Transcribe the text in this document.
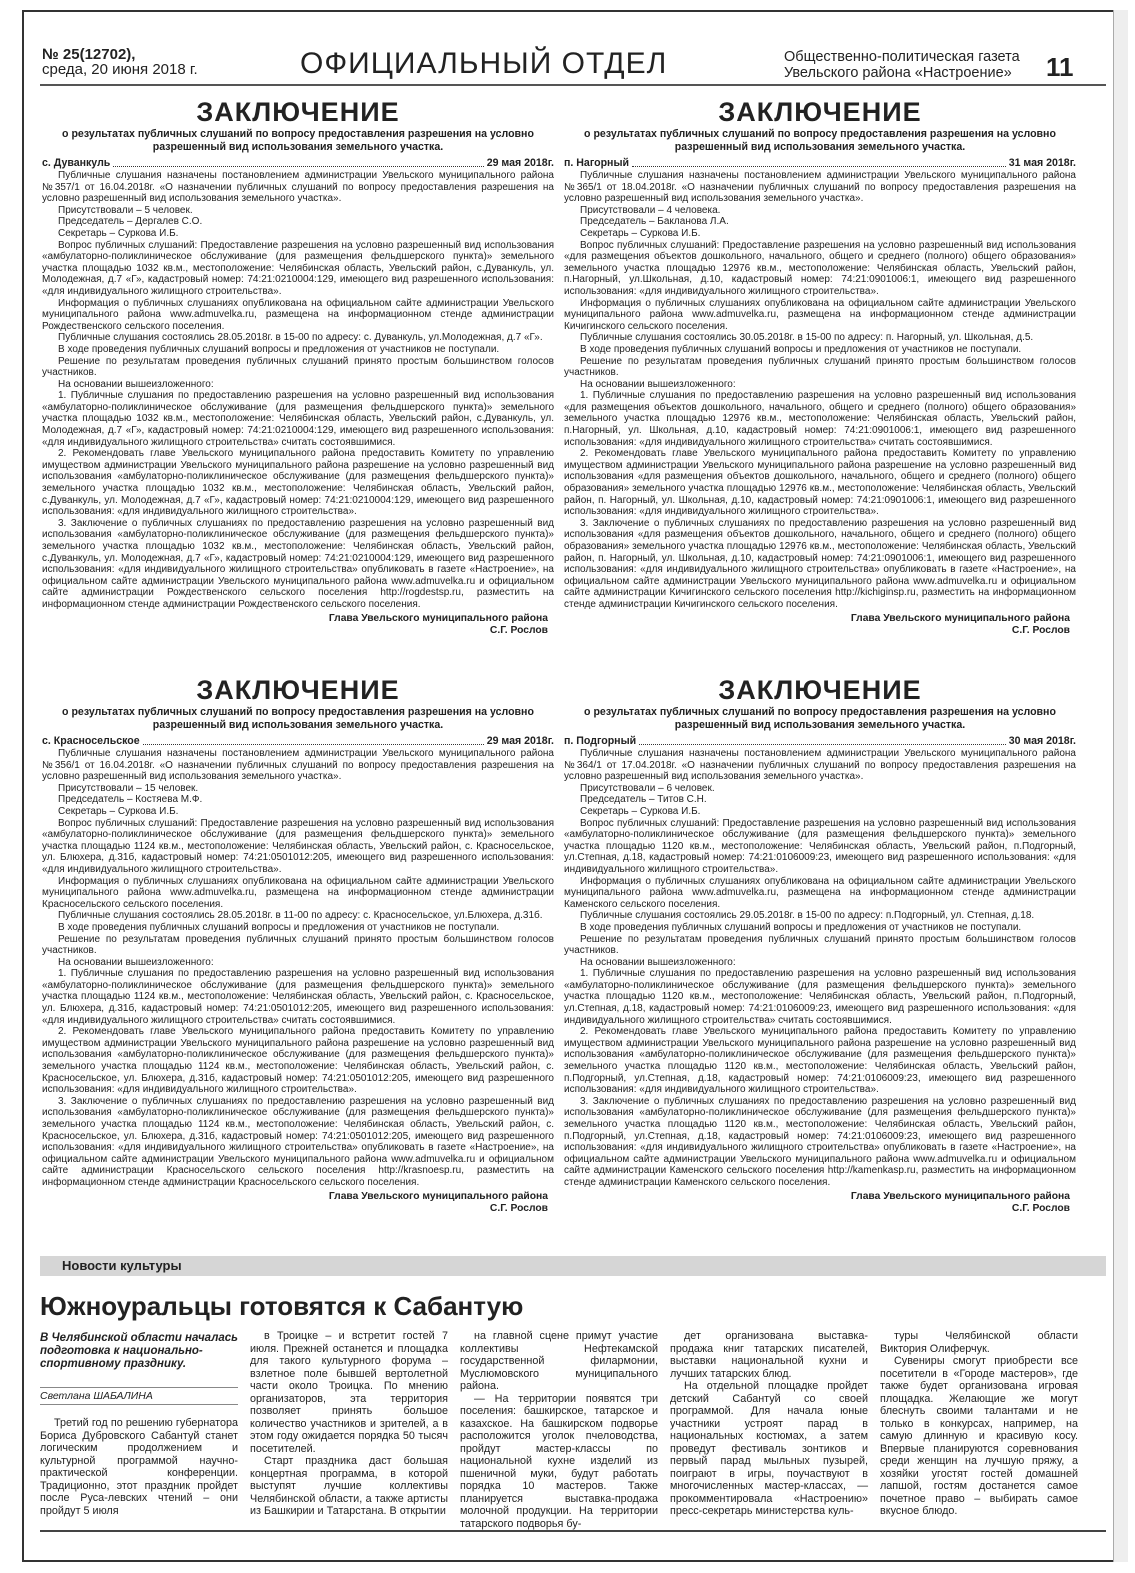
№ 25(12702),
среда, 20 июня 2018 г.	ОФИЦИАЛЬНЫЙ ОТДЕЛ	Общественно-политическая газета
Увельского района «Настроение»	11
ЗАКЛЮЧЕНИЕ
о результатах публичных слушаний по вопросу предоставления разрешения на условно разрешенный вид использования земельного участка.
с. Дуванкуль	29 мая 2018г.

Публичные слушания назначены постановлением администрации Увельского муниципального района №357/1 от 16.04.2018г. «О назначении публичных слушаний по вопросу предоставления разрешения на условно разрешенный вид использования земельного участка».

Присутствовали – 5 человек.

Председатель – Дергалев С.О.

Секретарь – Суркова И.Б.

Вопрос публичных слушаний: Предоставление разрешения на условно разрешенный вид использования «амбулаторно-поликлиническое обслуживание (для размещения фельдшерского пункта)» земельного участка площадью 1032 кв.м., местоположение: Челябинская область, Увельский район, с.Дуванкуль, ул. Молодежная, д.7 «Г», кадастровый номер: 74:21:0210004:129, имеющего вид разрешенного использования: «для индивидуального жилищного строительства».

Информация о публичных слушаниях опубликована на официальном сайте администрации Увельского муниципального района www.admuvelka.ru, размещена на информационном стенде администрации Рождественского сельского поселения.

Публичные слушания состоялись 28.05.2018г. в 15-00 по адресу: с. Дуванкуль, ул.Молодежная, д.7 «Г».

В ходе проведения публичных слушаний вопросы и предложения от участников не поступали.

Решение по результатам проведения публичных слушаний принято простым большинством голосов участников.

На основании вышеизложенного:

1. Публичные слушания по предоставлению разрешения на условно разрешенный вид использования «амбулаторно-поликлиническое обслуживание (для размещения фельдшерского пункта)» земельного участка площадью 1032 кв.м., местоположение: Челябинская область, Увельский район, с.Дуванкуль, ул. Молодежная, д.7 «Г», кадастровый номер: 74:21:0210004:129, имеющего вид разрешенного использования: «для индивидуального жилищного строительства» считать состоявшимися.

2. Рекомендовать главе Увельского муниципального района предоставить Комитету по управлению имуществом администрации Увельского муниципального района разрешение на условно разрешенный вид использования «амбулаторно-поликлиническое обслуживание (для размещения фельдшерского пункта)» земельного участка площадью 1032 кв.м., местоположение: Челябинская область, Увельский район, с.Дуванкуль, ул. Молодежная, д.7 «Г», кадастровый номер: 74:21:0210004:129, имеющего вид разрешенного использования: «для индивидуального жилищного строительства».

3. Заключение о публичных слушаниях по предоставлению разрешения на условно разрешенный вид использования «амбулаторно-поликлиническое обслуживание (для размещения фельдшерского пункта)» земельного участка площадью 1032 кв.м., местоположение: Челябинская область, Увельский район, с.Дуванкуль, ул. Молодежная, д.7 «Г», кадастровый номер: 74:21:0210004:129, имеющего вид разрешенного использования: «для индивидуального жилищного строительства» опубликовать в газете «Настроение», на официальном сайте администрации Увельского муниципального района www.admuvelka.ru и официальном сайте администрации Рождественского сельского поселения http://rogdestsp.ru, разместить на информационном стенде администрации Рождественского сельского поселения.

Глава Увельского муниципального района
С.Г. Рослов
ЗАКЛЮЧЕНИЕ
о результатах публичных слушаний по вопросу предоставления разрешения на условно разрешенный вид использования земельного участка.
п. Нагорный	31 мая 2018г.

Публичные слушания назначены постановлением администрации Увельского муниципального района №365/1 от 18.04.2018г. «О назначении публичных слушаний по вопросу предоставления разрешения на условно разрешенный вид использования земельного участка».

Присутствовали – 4 человека.

Председатель – Бакланова Л.А.

Секретарь – Суркова И.Б.

Вопрос публичных слушаний: Предоставление разрешения на условно разрешенный вид использования «для размещения объектов дошкольного, начального, общего и среднего (полного) общего образования» земельного участка площадью 12976 кв.м., местоположение: Челябинская область, Увельский район, п.Нагорный, ул.Школьная, д.10, кадастровый номер: 74:21:0901006:1, имеющего вид разрешенного использования: «для индивидуального жилищного строительства».

Информация о публичных слушаниях опубликована на официальном сайте администрации Увельского муниципального района www.admuvelka.ru, размещена на информационном стенде администрации Кичигинского сельского поселения.

Публичные слушания состоялись 30.05.2018г. в 15-00 по адресу: п. Нагорный, ул. Школьная, д.5.

В ходе проведения публичных слушаний вопросы и предложения от участников не поступали.

Решение по результатам проведения публичных слушаний принято простым большинством голосов участников.

На основании вышеизложенного:

1. Публичные слушания по предоставлению разрешения на условно разрешенный вид использования «для размещения объектов дошкольного, начального, общего и среднего (полного) общего образования» земельного участка площадью 12976 кв.м., местоположение: Челябинская область, Увельский район, п.Нагорный, ул. Школьная, д.10, кадастровый номер: 74:21:0901006:1, имеющего вид разрешенного использования: «для индивидуального жилищного строительства» считать состоявшимися.

2. Рекомендовать главе Увельского муниципального района предоставить Комитету по управлению имуществом администрации Увельского муниципального района разрешение на условно разрешенный вид использования «для размещения объектов дошкольного, начального, общего и среднего (полного) общего образования» земельного участка площадью 12976 кв.м., местоположение: Челябинская область, Увельский район, п. Нагорный, ул. Школьная, д.10, кадастровый номер: 74:21:0901006:1, имеющего вид разрешенного использования: «для индивидуального жилищного строительства».

3. Заключение о публичных слушаниях по предоставлению разрешения на условно разрешенный вид использования «для размещения объектов дошкольного, начального, общего и среднего (полного) общего образования» земельного участка площадью 12976 кв.м., местоположение: Челябинская область, Увельский район, п. Нагорный, ул. Школьная, д.10, кадастровый номер: 74:21:0901006:1, имеющего вид разрешенного использования: «для индивидуального жилищного строительства» опубликовать в газете «Настроение», на официальном сайте администрации Увельского муниципального района www.admuvelka.ru и официальном сайте администрации Кичигинского сельского поселения http://kichiginsp.ru, разместить на информационном стенде администрации Кичигинского сельского поселения.

Глава Увельского муниципального района
С.Г. Рослов
ЗАКЛЮЧЕНИЕ
о результатах публичных слушаний по вопросу предоставления разрешения на условно разрешенный вид использования земельного участка.
с. Красносельское	29 мая 2018г.

Публичные слушания назначены постановлением администрации Увельского муниципального района №356/1 от 16.04.2018г. «О назначении публичных слушаний по вопросу предоставления разрешения на условно разрешенный вид использования земельного участка».

Присутствовали – 15 человек.

Председатель – Костяева М.Ф.

Секретарь – Суркова И.Б.

Вопрос публичных слушаний: Предоставление разрешения на условно разрешенный вид использования «амбулаторно-поликлиническое обслуживание (для размещения фельдшерского пункта)» земельного участка площадью 1124 кв.м., местоположение: Челябинская область, Увельский район, с. Красносельское, ул. Блюхера, д.31б, кадастровый номер: 74:21:0501012:205, имеющего вид разрешенного использования: «для индивидуального жилищного строительства».

Информация о публичных слушаниях опубликована на официальном сайте администрации Увельского муниципального района www.admuvelka.ru, размещена на информационном стенде администрации Красносельского сельского поселения.

Публичные слушания состоялись 28.05.2018г. в 11-00 по адресу: с. Красносельское, ул.Блюхера, д.31б.

В ходе проведения публичных слушаний вопросы и предложения от участников не поступали.

Решение по результатам проведения публичных слушаний принято простым большинством голосов участников.

На основании вышеизложенного:

1. Публичные слушания по предоставлению разрешения на условно разрешенный вид использования «амбулаторно-поликлиническое обслуживание (для размещения фельдшерского пункта)» земельного участка площадью 1124 кв.м., местоположение: Челябинская область, Увельский район, с. Красносельское, ул. Блюхера, д.31б, кадастровый номер: 74:21:0501012:205, имеющего вид разрешенного использования: «для индивидуального жилищного строительства» считать состоявшимися.

2. Рекомендовать главе Увельского муниципального района предоставить Комитету по управлению имуществом администрации Увельского муниципального района разрешение на условно разрешенный вид использования «амбулаторно-поликлиническое обслуживание (для размещения фельдшерского пункта)» земельного участка площадью 1124 кв.м., местоположение: Челябинская область, Увельский район, с. Красносельское, ул. Блюхера, д.31б, кадастровый номер: 74:21:0501012:205, имеющего вид разрешенного использования: «для индивидуального жилищного строительства».

3. Заключение о публичных слушаниях по предоставлению разрешения на условно разрешенный вид использования «амбулаторно-поликлиническое обслуживание (для размещения фельдшерского пункта)» земельного участка площадью 1124 кв.м., местоположение: Челябинская область, Увельский район, с. Красносельское, ул. Блюхера, д.31б, кадастровый номер: 74:21:0501012:205, имеющего вид разрешенного использования: «для индивидуального жилищного строительства» опубликовать в газете «Настроение», на официальном сайте администрации Увельского муниципального района www.admuvelka.ru и официальном сайте администрации Красносельского сельского поселения http://krasnoesp.ru, разместить на информационном стенде администрации Красносельского сельского поселения.

Глава Увельского муниципального района
С.Г. Рослов
ЗАКЛЮЧЕНИЕ
о результатах публичных слушаний по вопросу предоставления разрешения на условно разрешенный вид использования земельного участка.
п. Подгорный	30 мая 2018г.

Публичные слушания назначены постановлением администрации Увельского муниципального района №364/1 от 17.04.2018г. «О назначении публичных слушаний по вопросу предоставления разрешения на условно разрешенный вид использования земельного участка».

Присутствовали – 6 человек.

Председатель – Титов С.Н.

Секретарь – Суркова И.Б.

Вопрос публичных слушаний: Предоставление разрешения на условно разрешенный вид использования «амбулаторно-поликлиническое обслуживание (для размещения фельдшерского пункта)» земельного участка площадью 1120 кв.м., местоположение: Челябинская область, Увельский район, п.Подгорный, ул.Степная, д.18, кадастровый номер: 74:21:0106009:23, имеющего вид разрешенного использования: «для индивидуального жилищного строительства».

Информация о публичных слушаниях опубликована на официальном сайте администрации Увельского муниципального района www.admuvelka.ru, размещена на информационном стенде администрации Каменского сельского поселения.

Публичные слушания состоялись 29.05.2018г. в 15-00 по адресу: п.Подгорный, ул. Степная, д.18.

В ходе проведения публичных слушаний вопросы и предложения от участников не поступали.

Решение по результатам проведения публичных слушаний принято простым большинством голосов участников.

На основании вышеизложенного:

1. Публичные слушания по предоставлению разрешения на условно разрешенный вид использования «амбулаторно-поликлиническое обслуживание (для размещения фельдшерского пункта)» земельного участка площадью 1120 кв.м., местоположение: Челябинская область, Увельский район, п.Подгорный, ул.Степная, д.18, кадастровый номер: 74:21:0106009:23, имеющего вид разрешенного использования: «для индивидуального жилищного строительства» считать состоявшимися.

2. Рекомендовать главе Увельского муниципального района предоставить Комитету по управлению имуществом администрации Увельского муниципального района разрешение на условно разрешенный вид использования «амбулаторно-поликлиническое обслуживание (для размещения фельдшерского пункта)» земельного участка площадью 1120 кв.м., местоположение: Челябинская область, Увельский район, п.Подгорный, ул.Степная, д.18, кадастровый номер: 74:21:0106009:23, имеющего вид разрешенного использования: «для индивидуального жилищного строительства».

3. Заключение о публичных слушаниях по предоставлению разрешения на условно разрешенный вид использования «амбулаторно-поликлиническое обслуживание (для размещения фельдшерского пункта)» земельного участка площадью 1120 кв.м., местоположение: Челябинская область, Увельский район, п.Подгорный, ул.Степная, д.18, кадастровый номер: 74:21:0106009:23, имеющего вид разрешенного использования: «для индивидуального жилищного строительства» опубликовать в газете «Настроение», на официальном сайте администрации Увельского муниципального района www.admuvelka.ru и официальном сайте администрации Каменского сельского поселения http://kamenkasp.ru, разместить на информационном стенде администрации Каменского сельского поселения.

Глава Увельского муниципального района
С.Г. Рослов
Новости культуры
Южноуральцы готовятся к Сабантую
В Челябинской области началась подготовка к национально-спортивному празднику.
Светлана ШАБАЛИНА

Третий год по решению губернатора Бориса Дубровского Сабантуй станет логическим продолжением и культурной программой научно-практической конференции. Традиционно, этот праздник пройдет после Руса-левских чтений – они пройдут 5 июля

в Троицке – и встретит гостей 7 июля. Прежней останется и площадка для такого культурного форума – взлетное поле бывшей вертолетной части около Троицка. По мнению организаторов, эта территория позволяет принять большое количество участников и зрителей, а в этом году ожидается порядка 50 тысяч посетителей.

Старт праздника даст большая концертная программа, в которой выступят лучшие коллективы Челябинской области, а также артисты из Башкирии и Татарстана. В открытии

на главной сцене примут участие коллективы Нефтекамской государственной филармонии, Муслюмовского муниципального района.

— На территории появятся три поселения: башкирское, татарское и казахское. На башкирском подворье расположится уголок пчеловодства, пройдут мастер-классы по национальной кухне изделий из пшеничной муки, будут работать порядка 10 мастеров. Также планируется выставка-продажа молочной продукции. На территории татарского подворья бу-

дет организована выставка-продажа книг татарских писателей, выставки национальной кухни и лучших татарских блюд.

На отдельной площадке пройдет детский Сабантуй со своей программой. Для начала юные участники устроят парад в национальных костюмах, а затем проведут фестиваль зонтиков и первый парад мыльных пузырей, поиграют в игры, поучаствуют в многочисленных мастер-классах, — прокомментировала «Настроению» пресс-секретарь министерства куль-

туры Челябинской области Виктория Олиферчук.

Сувениры смогут приобрести все посетители в «Городе мастеров», где также будет организована игровая площадка. Желающие же могут блеснуть своими талантами и не только в конкурсах, например, на самую длинную и красивую косу. Впервые планируются соревнования среди женщин на лучшую пряжу, а хозяйки угостят гостей домашней лапшой, гостям достанется самое почетное право – выбирать самое вкусное блюдо.
